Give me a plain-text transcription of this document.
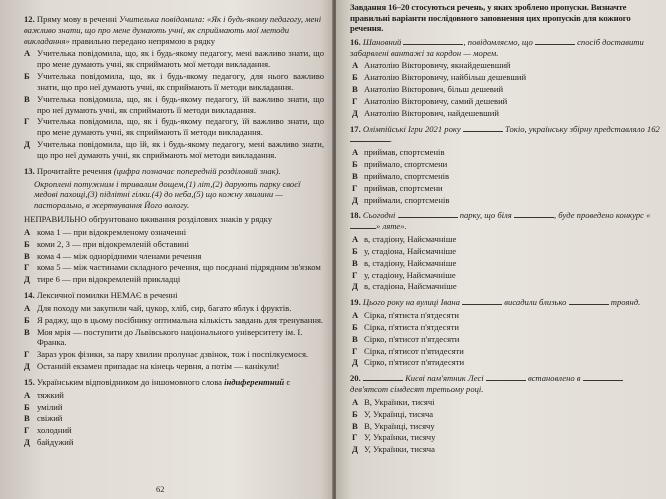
12. Пряму мову в реченні Учителька повідомила: «Як і будь-якому педагогу, мені важливо знати, що про мене думають учні, як сприймають мої методи викладання» правильно передано непрямою в рядку
А Учителька повідомила, що, як і будь-якому педагогу, мені важливо знати, що про мене думають учні, як сприймають мої методи викладання.
Б Учителька повідомила, що, як і будь-якому педагогу, для нього важливо знати, що про неї думають учні, як сприймають її методи викладання.
В Учителька повідомила, що, як і будь-якому педагогу, їй важливо знати, що про неї думають учні, як сприймають її методи викладання.
Г Учителька повідомила, що, як і будь-якому педагогу, їй важливо знати, що про мене думають учні, як сприймають її методи викладання.
Д Учителька повідомила, що їй, як і будь-якому педагогу, мені важливо знати, що про неї думають учні, як сприймають мої методи викладання.
13. Прочитайте речення (цифра позначає попередній розділовий знак).
Окроплені потужним і тривалим дощем,(1) літ,(2) дарують парку своєї медові пахощі,(3) підлітні гілки.(4) до неба,(5) що кожну хвилини — пасторально, в жертвування Його вологу.
НЕПРАВИЛЬНО обґрунтовано вживання розділових знаків у рядку
А кома 1 — при відокремленому означенні
Б коми 2, 3 — при відокремленій обставині
В кома 4 — між однорідними членами речення
Г кома 5 — між частинами складного речення, що поєднані підрядним зв'язком
Д тире 6 — при відокремленій прикладці
14. Лексичної помилки НЕМАЄ в реченні
А Для походу ми закупили чай, цукор, хліб, сир, багато яблук і фруктів.
Б Я раджу, що в цьому посібнику оптимальна кількість завдань для тренування.
В Моя мрія — поступити до Львівського національного університету ім. І. Франка.
Г Зараз урок фізики, за пару хвилин пролунає дзвінок, тож і поспілкуємося.
Д Останній екзамен припадає на кінець червня, а потім — канікули!
15. Українським відповідником до іншомовного слова індиферентний є
А тяжкий
Б умілий
В свіжий
Г холодний
Д байдужий
62
Завдання 16–20 стосуються речень, у яких зроблено пропуски. Визначте правильні варіанти послідовного заповнення цих пропусків для кожного речення.
16. Шановний	, повідомляємо, що	спосіб доставити забарвлені вантажі за кордон — морем.
А Анатолію Вікторовичу, якнайдешевший
Б Анатолію Вікторовичу, найбільш дешевший
В Анатолію Вікторович, більш дешевий
Г Анатолію Вікторовичу, самий дешевий
Д Анатолію Вікторович, найдешевший
17. Олімпійські Ігри 2021 року	Токіо, українську збірну представляло 162 .
А приймав, спортсменів
Б приймало, спортсмени
В приймало, спортсменів
Г приймав, спортсмени
Д приймали, спортсменів
18. Сьогодні	парку, що біля	, буде проведено конкурс «» ляте».
А в, стадіону, Найсмачніше
Б у, стадіона, Найсмачніше
В в, стадіону, Найсмачніше
Г у, стадіону, Найсмачніше
Д в, стадіона, Найсмачніше
19. Цього року на вулиці Івана	висадили близько	троянд.
А Сірка, п'ятиста п'ятдесяти
Б Сірка, п'ятиста п'ятдесяти
В Сірко, п'ятисот п'ятдесяти
Г Сірка, п'ятисот п'ятидесяти
Д Сірко, п'ятисот п'ятидесяти
20.	Києві пам'ятник Лесі	встановлено в  дев'ятсот сімдесят третьому році.
А В, Українки, тисячі
Б У, Українці, тисяча
В В, Українці, тисячу
Г У, Українки, тисячу
Д У, Українки, тисяча
